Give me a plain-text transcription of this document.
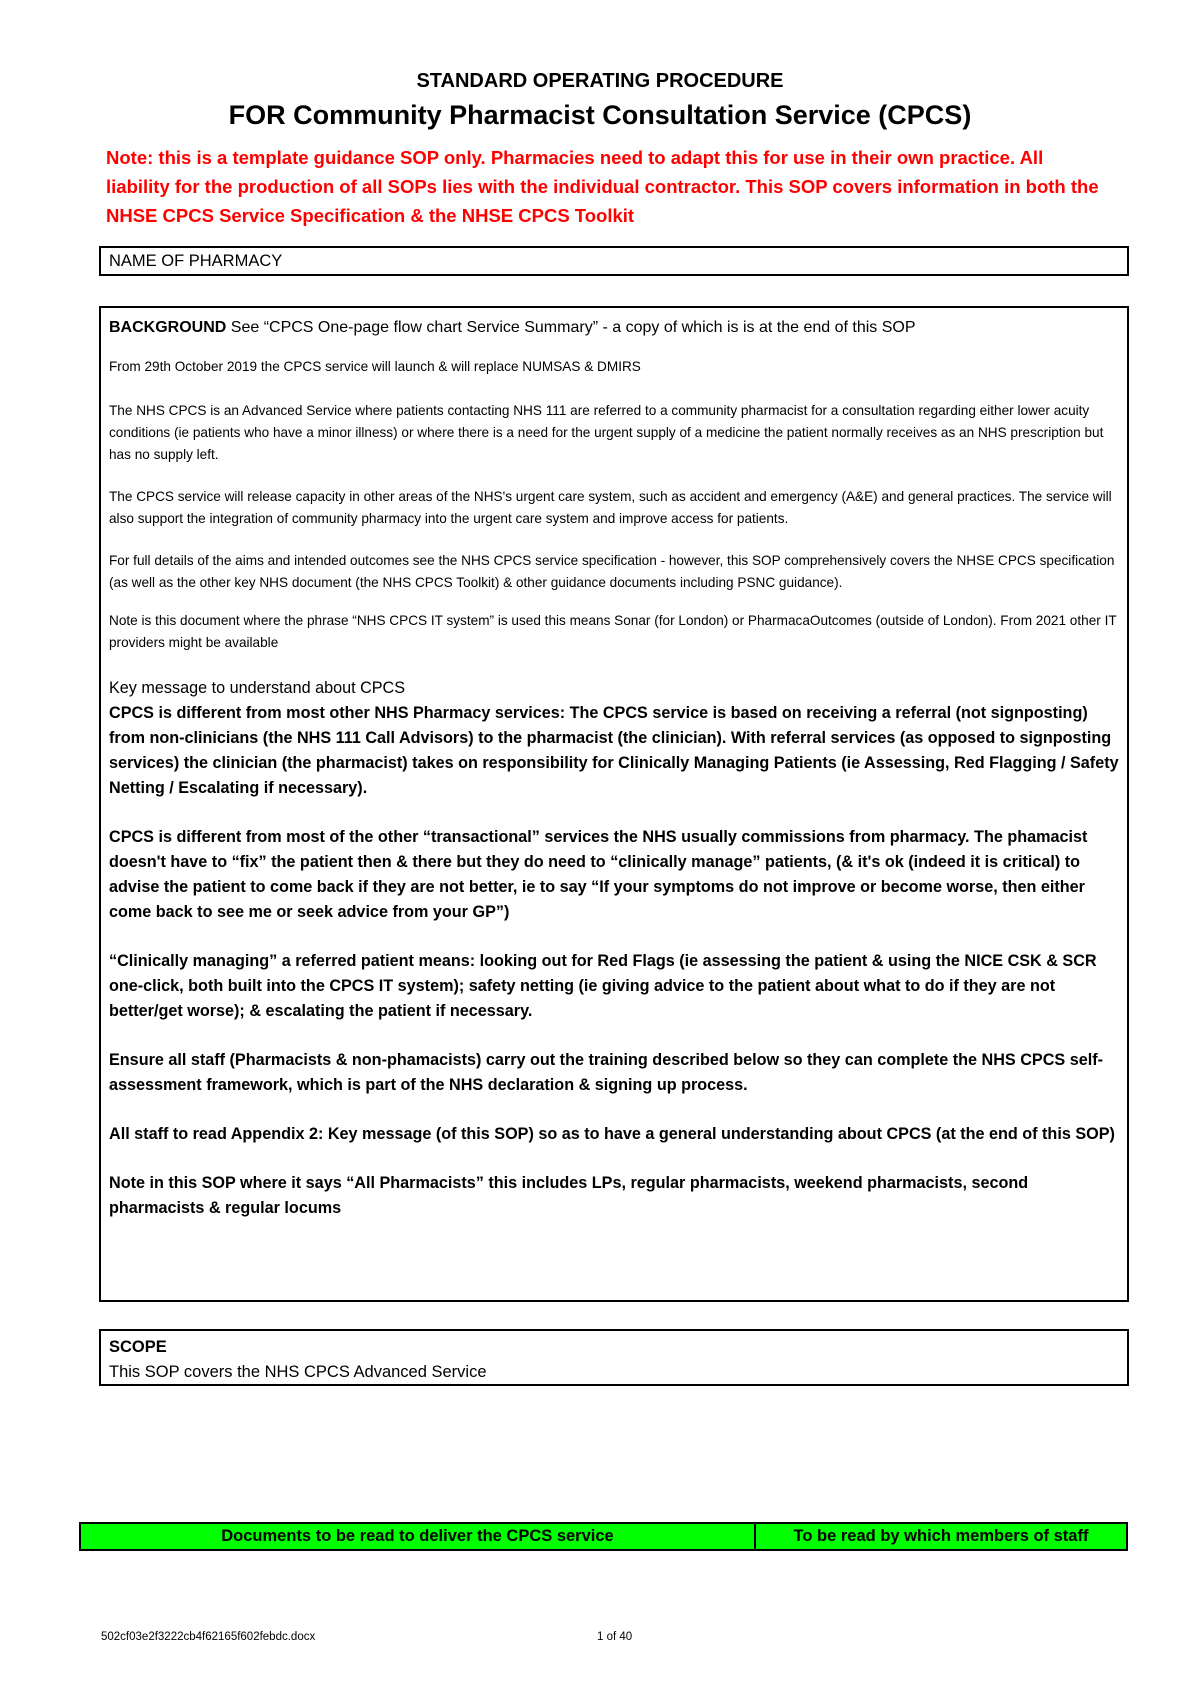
STANDARD OPERATING PROCEDURE
FOR Community Pharmacist Consultation Service (CPCS)
Note: this is a template guidance SOP only. Pharmacies need to adapt this for use in their own practice. All liability for the production of all SOPs lies with the individual contractor. This SOP covers information in both the NHSE CPCS Service Specification & the NHSE CPCS Toolkit
NAME OF PHARMACY

BACKGROUND See “CPCS One-page flow chart Service Summary” - a copy of which is is at the end of this SOP

From 29th October 2019 the CPCS service will launch & will replace NUMSAS & DMIRS

The NHS CPCS is an Advanced Service where patients contacting NHS 111 are referred to a community pharmacist for a consultation regarding either lower acuity conditions (ie patients who have a minor illness) or where there is a need for the urgent supply of a medicine the patient normally receives as an NHS prescription but has no supply left.

The CPCS service will release capacity in other areas of the NHS's urgent care system, such as accident and emergency (A&E) and general practices. The service will also support the integration of community pharmacy into the urgent care system and improve access for patients.

For full details of the aims and intended outcomes see the NHS CPCS service specification - however, this SOP comprehensively covers the NHSE CPCS specification (as well as the other key NHS document (the NHS CPCS Toolkit) & other guidance documents including PSNC guidance).

Note is this document where the phrase “NHS CPCS IT system” is used this means Sonar (for London) or PharmacaOutcomes (outside of London). From 2021 other IT providers might be available

Key message to understand about CPCS

CPCS is different from most other NHS Pharmacy services: The CPCS service is based on receiving a referral (not signposting) from non-clinicians (the NHS 111 Call Advisors) to the pharmacist (the clinician). With referral services (as opposed to signposting services) the clinician (the pharmacist) takes on responsibility for Clinically Managing Patients (ie Assessing, Red Flagging / Safety Netting / Escalating if necessary).

CPCS is different from most of the other “transactional” services the NHS usually commissions from pharmacy. The phamacist doesn't have to “fix” the patient then & there but they do need to “clinically manage” patients, (& it's ok (indeed it is critical) to advise the patient to come back if they are not better, ie to say “If your symptoms do not improve or become worse, then either come back to see me or seek advice from your GP”)

“Clinically managing” a referred patient means: looking out for Red Flags (ie assessing the patient & using the NICE CSK & SCR one-click, both built into the CPCS IT system); safety netting (ie giving advice to the patient about what to do if they are not better/get worse); & escalating the patient if necessary.

Ensure all staff (Pharmacists & non-phamacists) carry out the training described below so they can complete the NHS CPCS self-assessment framework, which is part of the NHS declaration & signing up process.

All staff to read Appendix 2: Key message (of this SOP) so as to have a general understanding about CPCS (at the end of this SOP)

Note in this SOP where it says “All Pharmacists” this includes LPs, regular pharmacists, weekend pharmacists, second pharmacists & regular locums

SCOPE
This SOP covers the NHS CPCS Advanced Service
Documents to be read to deliver the CPCS service	To be read by which members of staff
502cf03e2f3222cb4f62165f602febdc.docx	1 of 40
